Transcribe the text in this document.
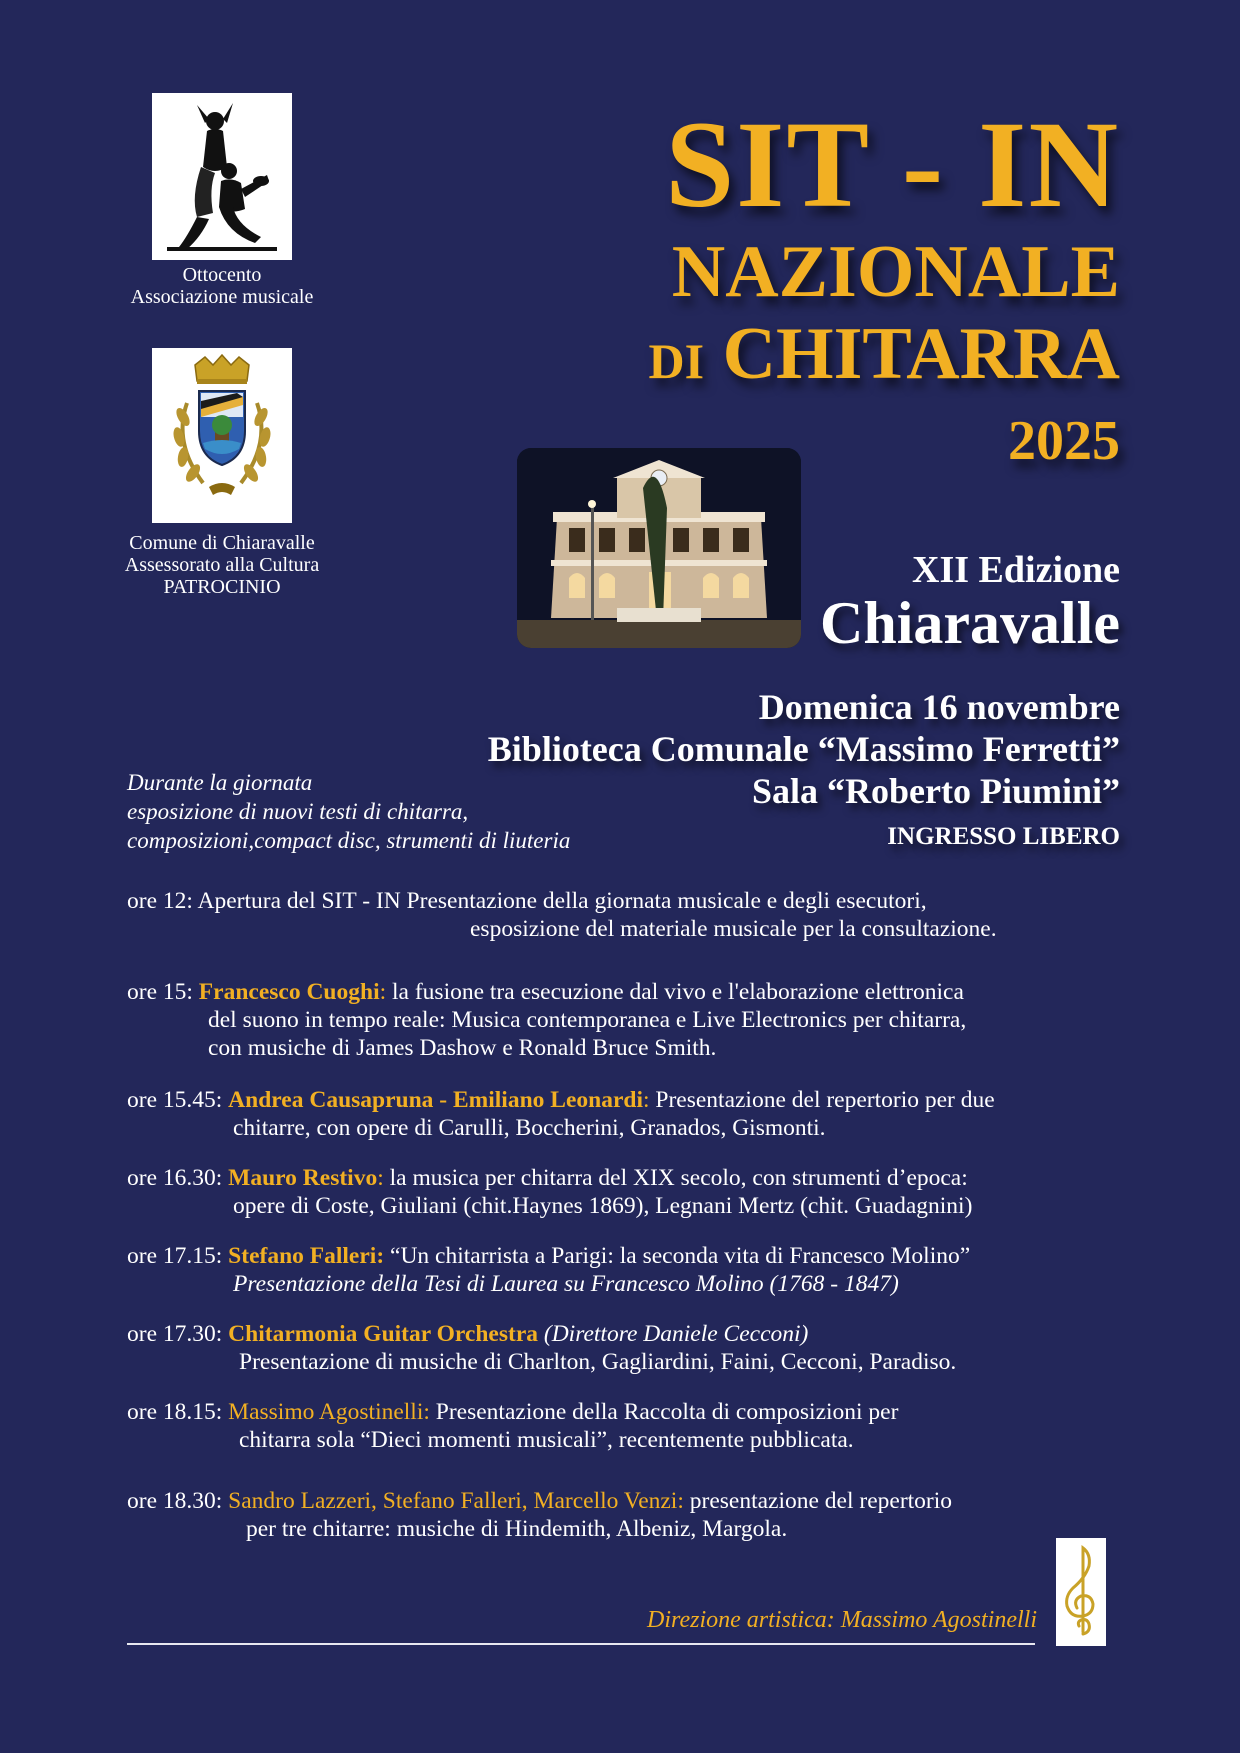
Ottocento
Associazione musicale
Comune di Chiaravalle
Assessorato alla Cultura
PATROCINIO
SIT - IN
NAZIONALE
DI CHITARRA
2025
XII Edizione
Chiaravalle
Domenica 16 novembre
Biblioteca Comunale “Massimo Ferretti”
Sala “Roberto Piumini”
INGRESSO LIBERO
Durante la giornata
esposizione di nuovi testi di chitarra,
composizioni,compact disc, strumenti di liuteria
ore 12: Apertura del SIT - IN Presentazione della giornata musicale e degli esecutori,
esposizione del materiale musicale per la consultazione.
ore 15: Francesco Cuoghi: la fusione tra esecuzione dal vivo e l'elaborazione elettronica
del suono in tempo reale: Musica contemporanea e Live Electronics per chitarra,
con musiche di James Dashow e Ronald Bruce Smith.
ore 15.45: Andrea Causapruna - Emiliano Leonardi: Presentazione del repertorio per due
chitarre, con opere di Carulli, Boccherini, Granados, Gismonti.
ore 16.30: Mauro Restivo: la musica per chitarra del XIX secolo, con strumenti d’epoca:
opere di Coste, Giuliani (chit.Haynes 1869), Legnani Mertz (chit. Guadagnini)
ore 17.15: Stefano Falleri: “Un chitarrista a Parigi: la seconda vita di Francesco Molino”
Presentazione della Tesi di Laurea su Francesco Molino (1768 - 1847)
ore 17.30: Chitarmonia Guitar Orchestra (Direttore Daniele Cecconi)
Presentazione di musiche di Charlton, Gagliardini, Faini, Cecconi, Paradiso.
ore 18.15: Massimo Agostinelli: Presentazione della Raccolta di composizioni per
chitarra sola “Dieci momenti musicali”, recentemente pubblicata.
ore 18.30: Sandro Lazzeri, Stefano Falleri, Marcello Venzi: presentazione del repertorio
per tre chitarre: musiche di Hindemith, Albeniz, Margola.
Direzione artistica: Massimo Agostinelli
